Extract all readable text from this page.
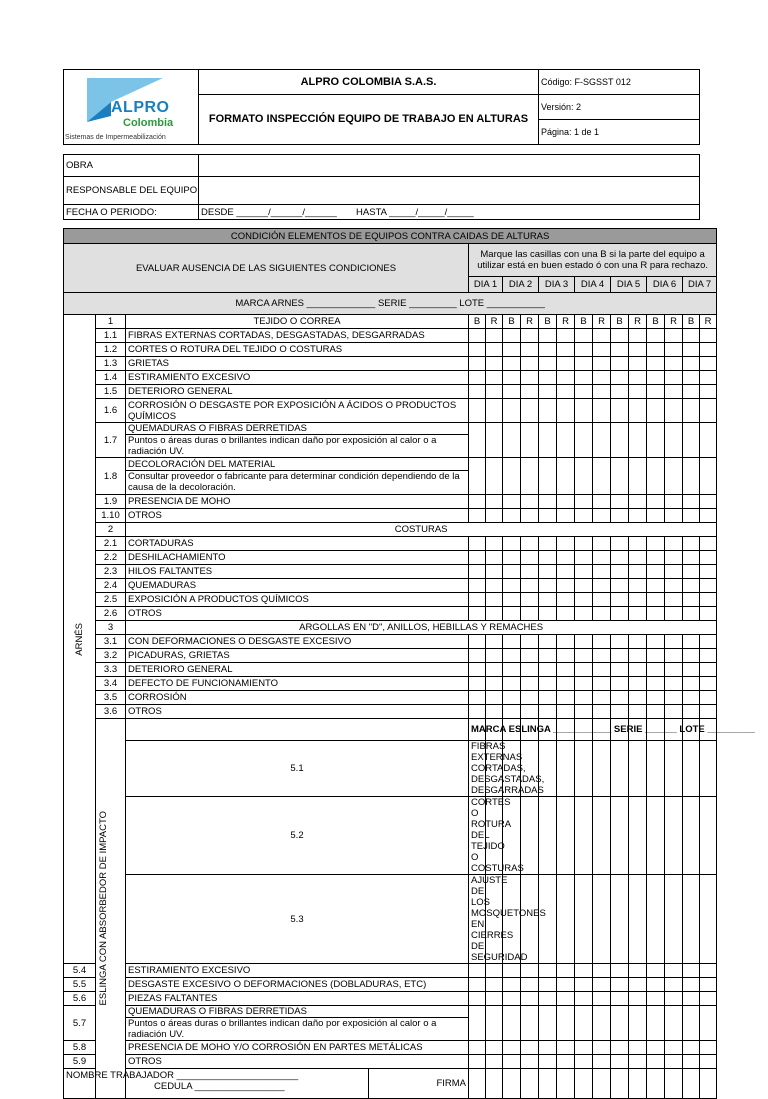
ALPRO
Colombia
Sistemas de Impermeabilización	ALPRO COLOMBIA S.A.S.	Código: F-SGSST 012
	FORMATO INSPECCIÓN EQUIPO DE TRABAJO EN ALTURAS	Versión: 2
		Página: 1 de 1
OBRA	
RESPONSABLE DEL EQUIPO:	
FECHA O PERIODO:	DESDE ______/______/______ HASTA _____/_____/_____
CONDICIÓN ELEMENTOS DE EQUIPOS CONTRA CAIDAS DE ALTURAS																	
EVALUAR AUSENCIA DE LAS SIGUIENTES CONDICIONES			Marque las casillas con una B si la parte del equipo a utilizar está en buen estado ó con una R para rechazo.														
			DIA 1		DIA 2		DIA 3		DIA 4		DIA 5		DIA 6		DIA 7		
MARCA ARNES _____________ SERIE _________ LOTE ___________																	

ARNÉS	1	TEJIDO O CORREA	B	R	B	R	B	R	B	R	B	R	B	R	B	R	
	1.1	FIBRAS EXTERNAS CORTADAS, DESGASTADAS, DESGARRADAS															

	1.2	CORTES O ROTURA DEL TEJIDO O COSTURAS															

	1.3	GRIETAS															

	1.4	ESTIRAMIENTO EXCESIVO															

	1.5	DETERIORO GENERAL															

	1.6	CORROSIÓN O DESGASTE POR EXPOSICIÓN A ÁCIDOS O PRODUCTOS QUÍMICOS															

	1.7	QUEMADURAS O FIBRAS DERRETIDAS
Puntos o áreas duras o brillantes indican daño por exposición al calor o a radiación UV.															

	1.8	DECOLORACIÓN DEL MATERIAL
Consultar proveedor o fabricante para determinar condición dependiendo de la causa de la decoloración.															

	1.9	PRESENCIA DE MOHO															

	1.10	OTROS															

	2	COSTURAS															
	2.1	CORTADURAS															

	2.2	DESHILACHAMIENTO															

	2.3	HILOS FALTANTES															

	2.4	QUEMADURAS															

	2.5	EXPOSICIÓN A PRODUCTOS QUÍMICOS															

	2.6	OTROS															

	3	ARGOLLAS EN "D", ANILLOS, HEBILLAS Y REMACHES															
	3.1	CON DEFORMACIONES O DESGASTE EXCESIVO															

	3.2	PICADURAS, GRIETAS															

	3.3	DETERIORO GENERAL															

	3.4	DEFECTO DE FUNCIONAMIENTO															

	3.5	CORROSIÓN															

	3.6	OTROS															

	ESLINGA CON ABSORBEDOR DE IMPACTO		MARCA ESLINGA ___________ SERIE ______ LOTE _________														
		5.1	FIBRAS EXTERNAS CORTADAS, DESGASTADAS, DESGARRADAS														

		5.2	CORTES O ROTURA DEL TEJIDO O COSTURAS														

		5.3	AJUSTE DE LOS MOSQUETONES EN CIERRES DE SEGURIDAD														

5.4		ESTIRAMIENTO EXCESIVO															

5.5		DESGASTE EXCESIVO O DEFORMACIONES (DOBLADURAS, ETC)															

5.6		PIEZAS FALTANTES															

5.7		QUEMADURAS O FIBRAS DERRETIDAS
Puntos o áreas duras o brillantes indican daño por exposición al calor o a radiación UV.															

5.8		PRESENCIA DE MOHO Y/O CORROSIÓN EN PARTES METÁLICAS															

5.9		OTROS															

NOMBRE TRABAJADOR _______________________
CEDULA _________________ FIRMA																	
